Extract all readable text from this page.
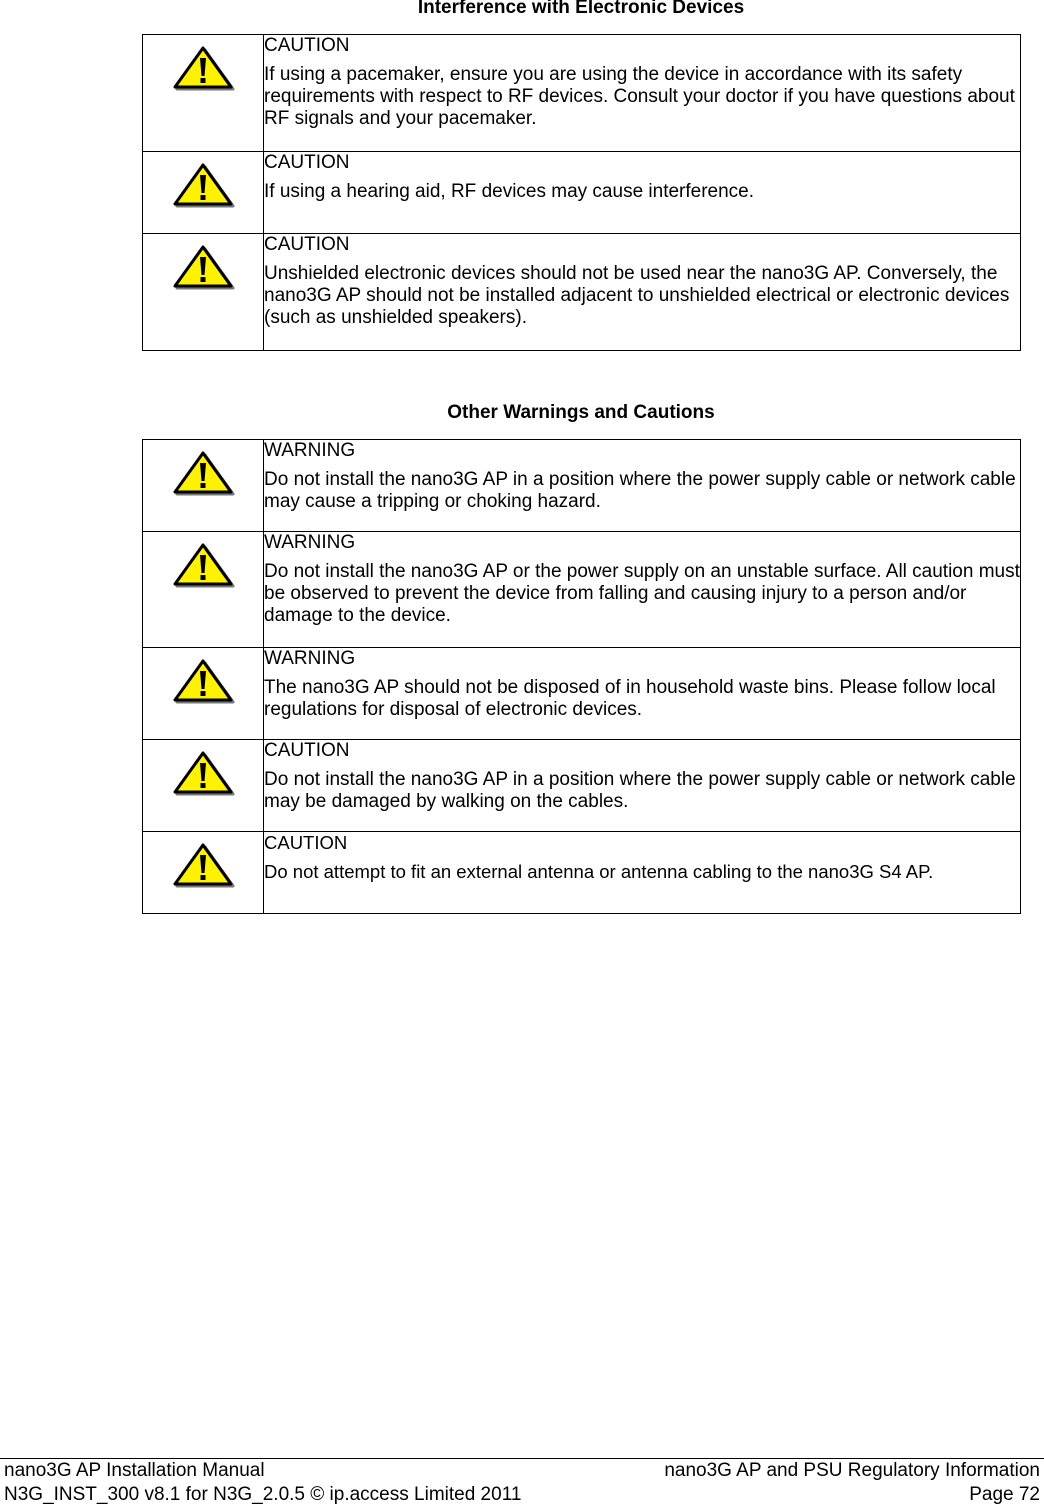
Interference with Electronic Devices

CAUTION
If using a pacemaker, ensure you are using the device in accordance with its safety requirements with respect to RF devices. Consult your doctor if you have questions about RF signals and your pacemaker.

CAUTION
If using a hearing aid, RF devices may cause interference.

CAUTION
Unshielded electronic devices should not be used near the nano3G AP. Conversely, the nano3G AP should not be installed adjacent to unshielded electrical or electronic devices (such as unshielded speakers).
Other Warnings and Cautions

WARNING
Do not install the nano3G AP in a position where the power supply cable or network cable may cause a tripping or choking hazard.

WARNING
Do not install the nano3G AP or the power supply on an unstable surface. All caution must be observed to prevent the device from falling and causing injury to a person and/or damage to the device.

WARNING
The nano3G AP should not be disposed of in household waste bins. Please follow local regulations for disposal of electronic devices.

CAUTION
Do not install the nano3G AP in a position where the power supply cable or network cable may be damaged by walking on the cables.

CAUTION
Do not attempt to fit an external antenna or antenna cabling to the nano3G S4 AP.
nano3G AP Installation Manual	nano3G AP and PSU Regulatory Information
N3G_INST_300 v8.1 for N3G_2.0.5 © ip.access Limited 2011	Page 72
